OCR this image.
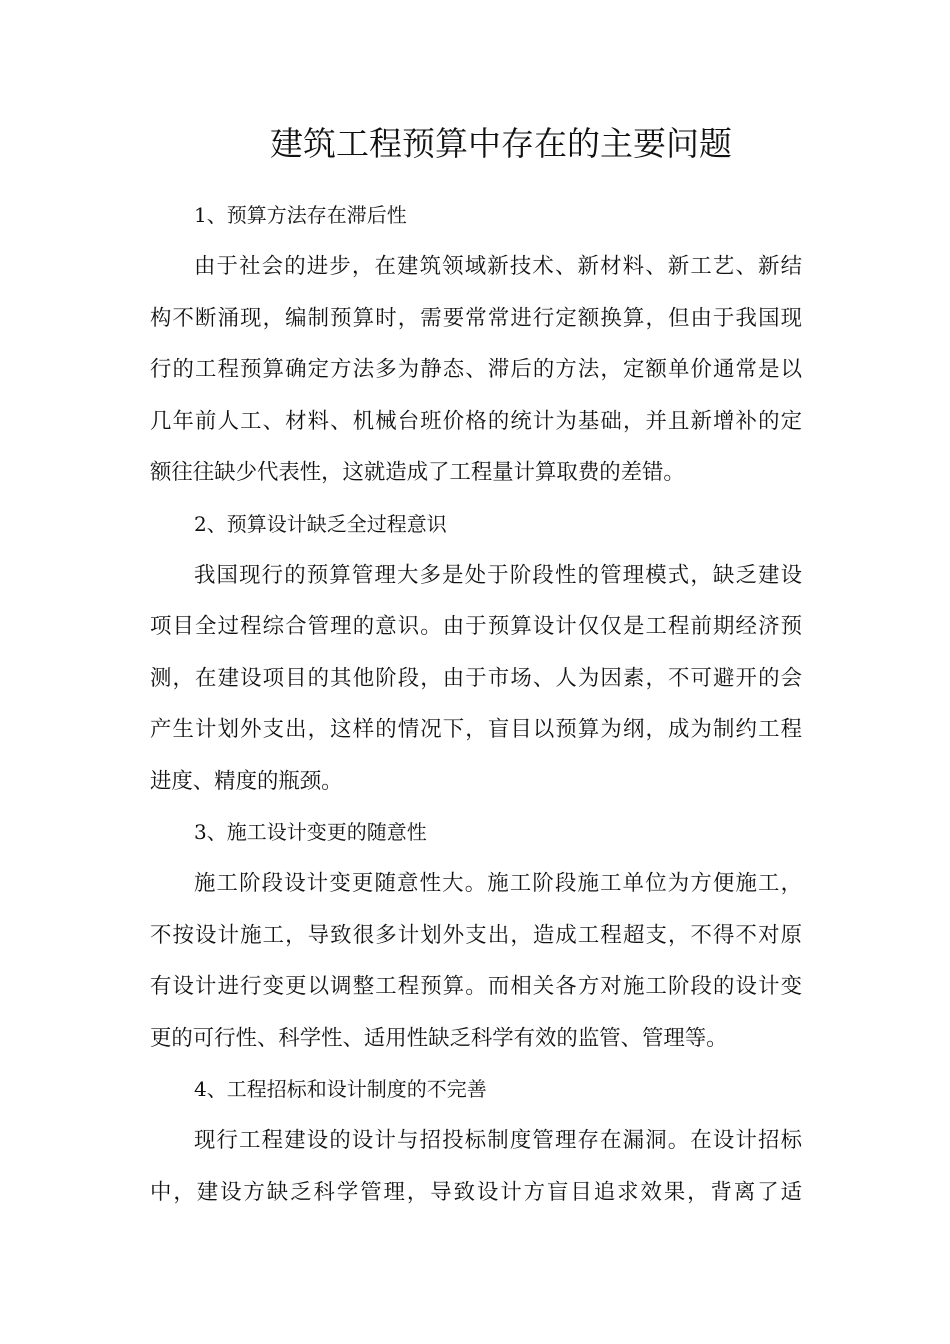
建筑工程预算中存在的主要问题
1、预算方法存在滞后性
由于社会的进步，在建筑领域新技术、新材料、新工艺、新结
构不断涌现，编制预算时，需要常常进行定额换算，但由于我国现
行的工程预算确定方法多为静态、滞后的方法，定额单价通常是以
几年前人工、材料、机械台班价格的统计为基础，并且新增补的定
额往往缺少代表性，这就造成了工程量计算取费的差错。
2、预算设计缺乏全过程意识
我国现行的预算管理大多是处于阶段性的管理模式，缺乏建设
项目全过程综合管理的意识。由于预算设计仅仅是工程前期经济预
测，在建设项目的其他阶段，由于市场、人为因素，不可避开的会
产生计划外支出，这样的情况下，盲目以预算为纲，成为制约工程
进度、精度的瓶颈。
3、施工设计变更的随意性
施工阶段设计变更随意性大。施工阶段施工单位为方便施工，
不按设计施工，导致很多计划外支出，造成工程超支，不得不对原
有设计进行变更以调整工程预算。而相关各方对施工阶段的设计变
更的可行性、科学性、适用性缺乏科学有效的监管、管理等。
4、工程招标和设计制度的不完善
现行工程建设的设计与招投标制度管理存在漏洞。在设计招标
中，建设方缺乏科学管理，导致设计方盲目追求效果，背离了适
